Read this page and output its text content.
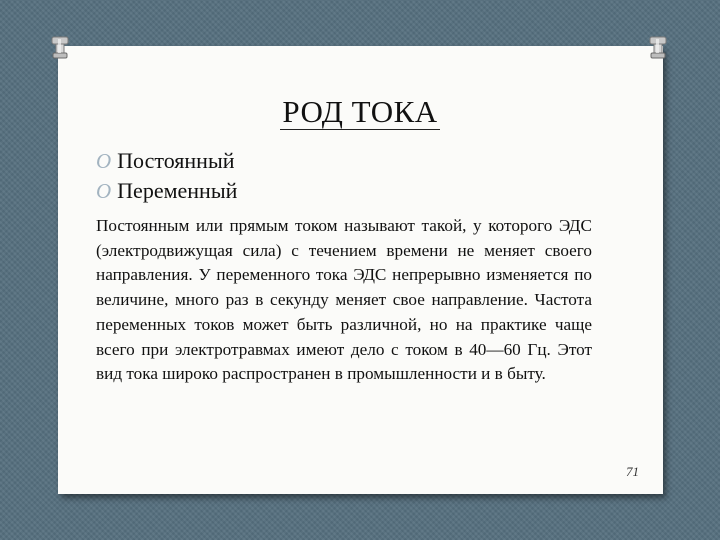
РОД ТОКА
O Постоянный
O Переменный

Постоянным или прямым током называют такой, у которого ЭДС (электродвижущая сила) с течением времени не меняет своего направления. У переменного тока ЭДС непрерывно изменяется по величине, много раз в секунду меняет свое направление. Частота переменных токов может быть различной, но на практике чаще всего при электротравмах имеют дело с током в 40—60 Гц. Этот вид тока широко распространен в промышленности и в быту.

71
